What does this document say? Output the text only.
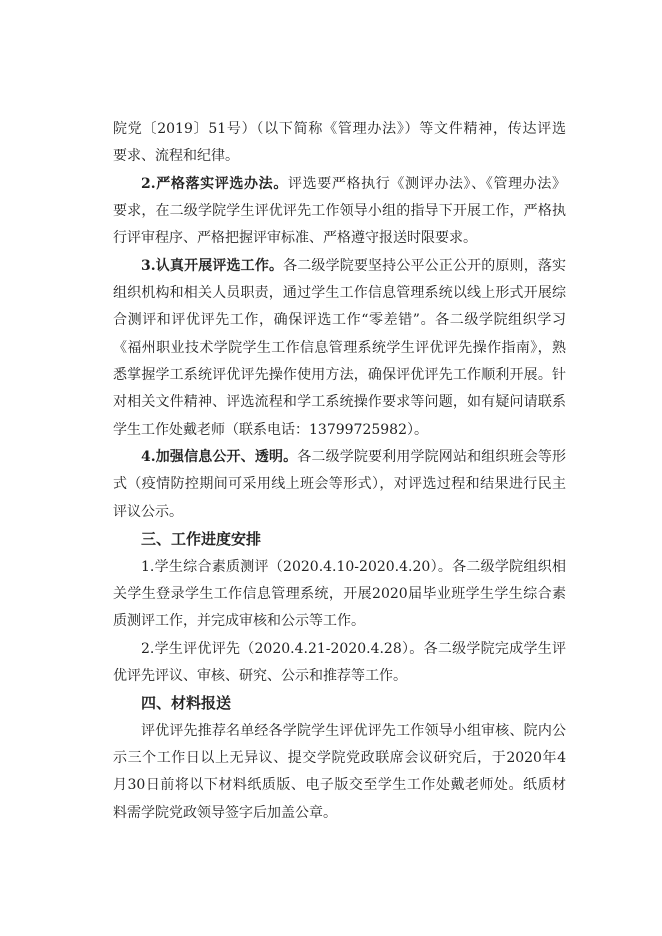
院党〔2019〕51号）（以下简称《管理办法》）等文件精神，传达评选
要求、流程和纪律。
2.严格落实评选办法。评选要严格执行《测评办法》、《管理办法》
要求，在二级学院学生评优评先工作领导小组的指导下开展工作，严格执
行评审程序、严格把握评审标准、严格遵守报送时限要求。
3.认真开展评选工作。各二级学院要坚持公平公正公开的原则，落实
组织机构和相关人员职责，通过学生工作信息管理系统以线上形式开展综
合测评和评优评先工作，确保评选工作“零差错”。各二级学院组织学习
《福州职业技术学院学生工作信息管理系统学生评优评先操作指南》，熟
悉掌握学工系统评优评先操作使用方法，确保评优评先工作顺利开展。针
对相关文件精神、评选流程和学工系统操作要求等问题，如有疑问请联系
学生工作处戴老师（联系电话：13799725982）。
4.加强信息公开、透明。各二级学院要利用学院网站和组织班会等形
式（疫情防控期间可采用线上班会等形式），对评选过程和结果进行民主
评议公示。
三、工作进度安排
1.学生综合素质测评（2020.4.10-2020.4.20）。各二级学院组织相
关学生登录学生工作信息管理系统，开展2020届毕业班学生学生综合素
质测评工作，并完成审核和公示等工作。
2.学生评优评先（2020.4.21-2020.4.28）。各二级学院完成学生评
优评先评议、审核、研究、公示和推荐等工作。
四、材料报送
评优评先推荐名单经各学院学生评优评先工作领导小组审核、院内公
示三个工作日以上无异议、提交学院党政联席会议研究后，于2020年4
月30日前将以下材料纸质版、电子版交至学生工作处戴老师处。纸质材
料需学院党政领导签字后加盖公章。
